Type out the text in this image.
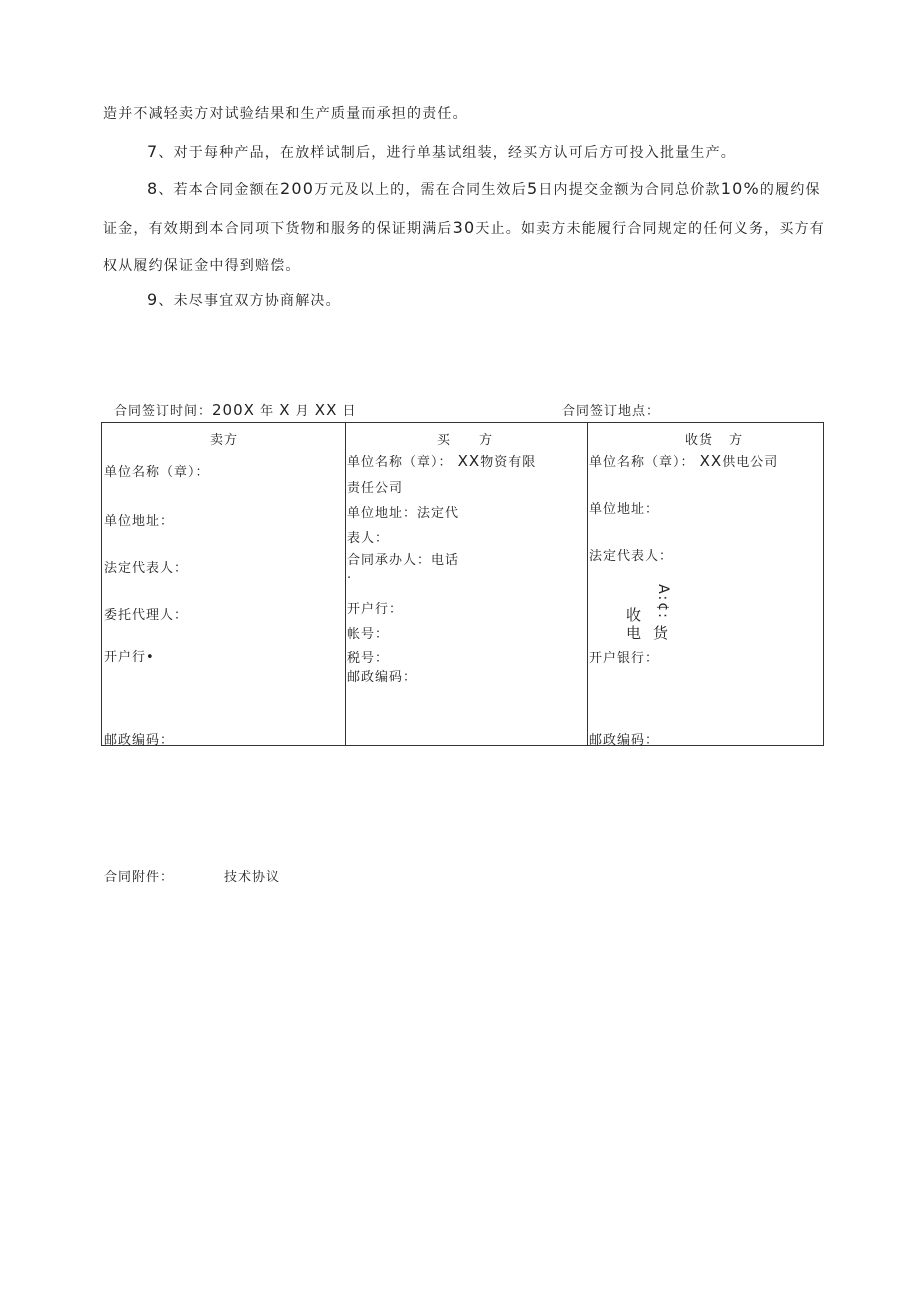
造并不减轻卖方对试验结果和生产质量而承担的责任。
7、对于每种产品，在放样试制后，进行单基试组装，经买方认可后方可投入批量生产。
8、若本合同金额在200万元及以上的，需在合同生效后5日内提交金额为合同总价款10%的履约保证金，有效期到本合同项下货物和服务的保证期满后30天止。如卖方未能履行合同规定的任何义务，买方有权从履约保证金中得到赔偿。
9、未尽事宜双方协商解决。
合同签订时间：200X 年 X 月 XX 日	合同签订地点：
卖方
单位名称（章）：
单位地址：
法定代表人：
委托代理人：
开户行•
邮政编码：
买 方
单位名称（章）： XX物资有限
责任公司
单位地址：法定代
表人：
合同承办人：电话
·
开户行：
帐号：
税号：
邮政编码：
收货 方
单位名称（章）： XX供电公司
单位地址：
法定代表人：
开户银行：
邮政编码：
A:¢:
收
电 货
合同附件：	技术协议
